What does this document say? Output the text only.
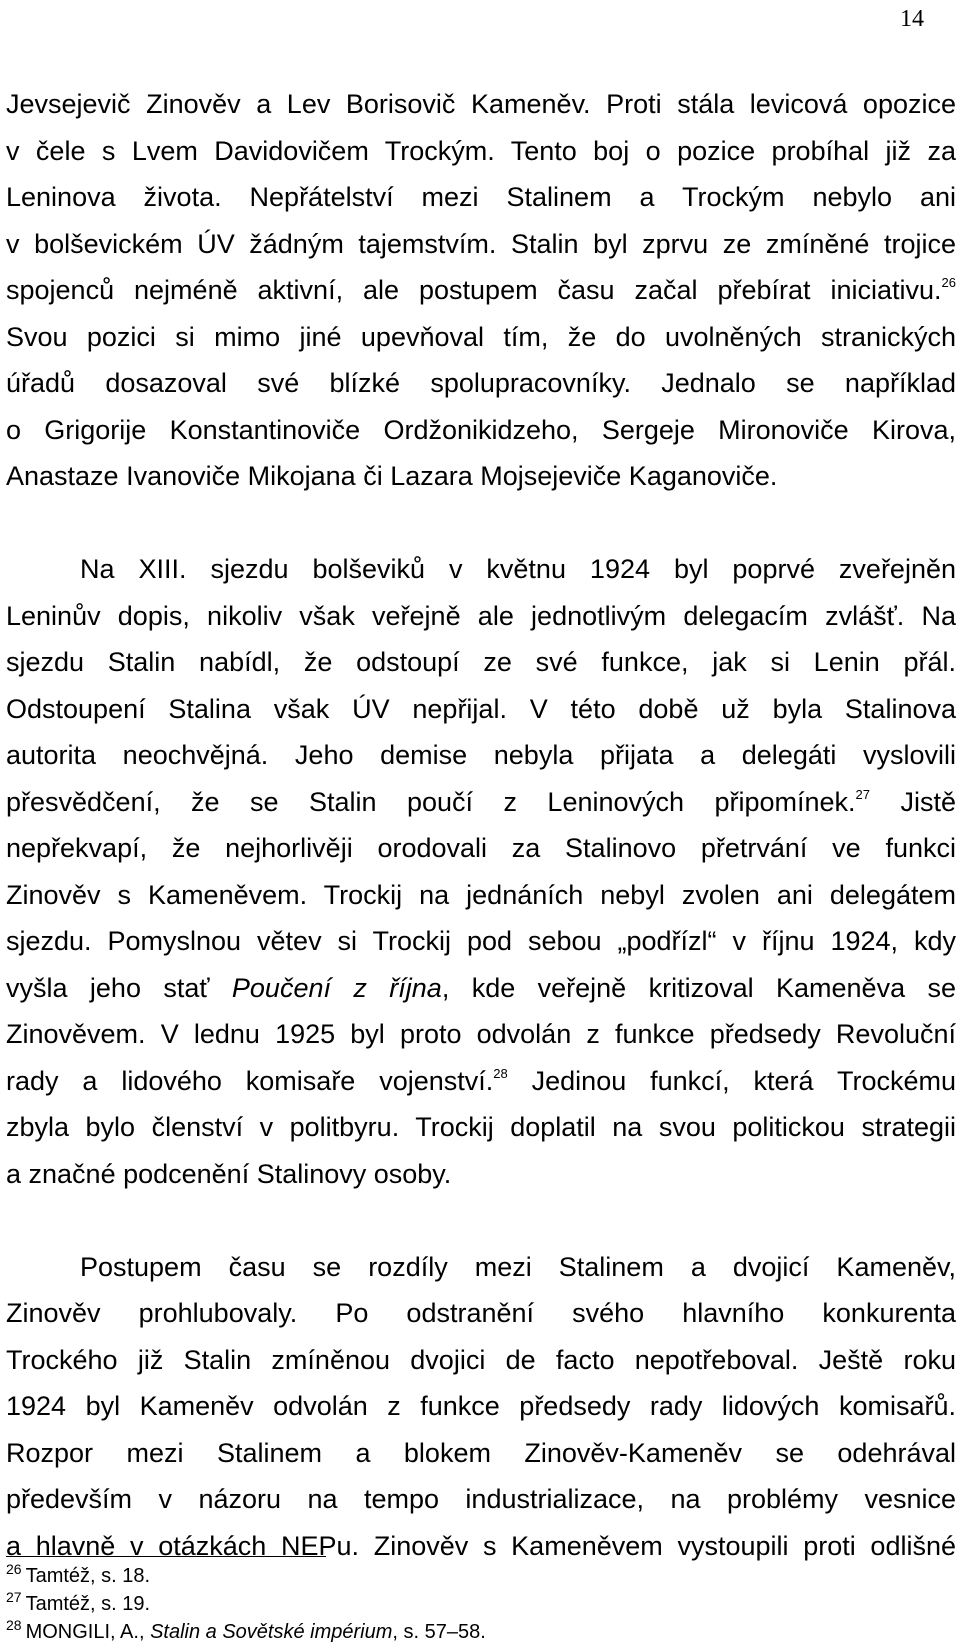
14
Jevsejevič Zinověv a Lev Borisovič Kameněv. Proti stála levicová opozice
v čele s Lvem Davidovičem Trockým. Tento boj o pozice probíhal již za
Leninova života. Nepřátelství mezi Stalinem a Trockým nebylo ani
v bolševickém ÚV žádným tajemstvím. Stalin byl zprvu ze zmíněné trojice
spojenců nejméně aktivní, ale postupem času začal přebírat iniciativu.$^{26}$
Svou pozici si mimo jiné upevňoval tím, že do uvolněných stranických
úřadů dosazoval své blízké spolupracovníky. Jednalo se například
o Grigorije Konstantinoviče Ordžonikidzeho, Sergeje Mironoviče Kirova,
Anastaze Ivanoviče Mikojana či Lazara Mojsejeviče Kaganoviče.
Na XIII. sjezdu bolševiků v květnu 1924 byl poprvé zveřejněn
Leninův dopis, nikoliv však veřejně ale jednotlivým delegacím zvlášť. Na
sjezdu Stalin nabídl, že odstoupí ze své funkce, jak si Lenin přál.
Odstoupení Stalina však ÚV nepřijal. V této době už byla Stalinova
autorita neochvějná. Jeho demise nebyla přijata a delegáti vyslovili
přesvědčení, že se Stalin poučí z Leninových připomínek.$^{27}$ Jistě
nepřekvapí, že nejhorlivěji orodovali za Stalinovo přetrvání ve funkci
Zinověv s Kameněvem. Trockij na jednáních nebyl zvolen ani delegátem
sjezdu. Pomyslnou větev si Trockij pod sebou „podřízl“ v říjnu 1924, kdy
vyšla jeho stať Poučení z října, kde veřejně kritizoval Kameněva se
Zinověvem. V lednu 1925 byl proto odvolán z funkce předsedy Revoluční
rady a lidového komisaře vojenství.$^{28}$ Jedinou funkcí, která Trockému
zbyla bylo členství v politbyru. Trockij doplatil na svou politickou strategii
a značné podcenění Stalinovy osoby.
Postupem času se rozdíly mezi Stalinem a dvojicí Kameněv,
Zinověv prohlubovaly. Po odstranění svého hlavního konkurenta
Trockého již Stalin zmíněnou dvojici de facto nepotřeboval. Ještě roku
1924 byl Kameněv odvolán z funkce předsedy rady lidových komisařů.
Rozpor mezi Stalinem a blokem Zinověv-Kameněv se odehrával
především v názoru na tempo industrializace, na problémy vesnice
a hlavně v otázkách NEPu. Zinověv s Kameněvem vystoupili proti odlišné
$^{26}$ Tamtéž, s. 18.
$^{27}$ Tamtéž, s. 19.
$^{28}$ MONGILI, A., Stalin a Sovětské impérium, s. 57–58.
